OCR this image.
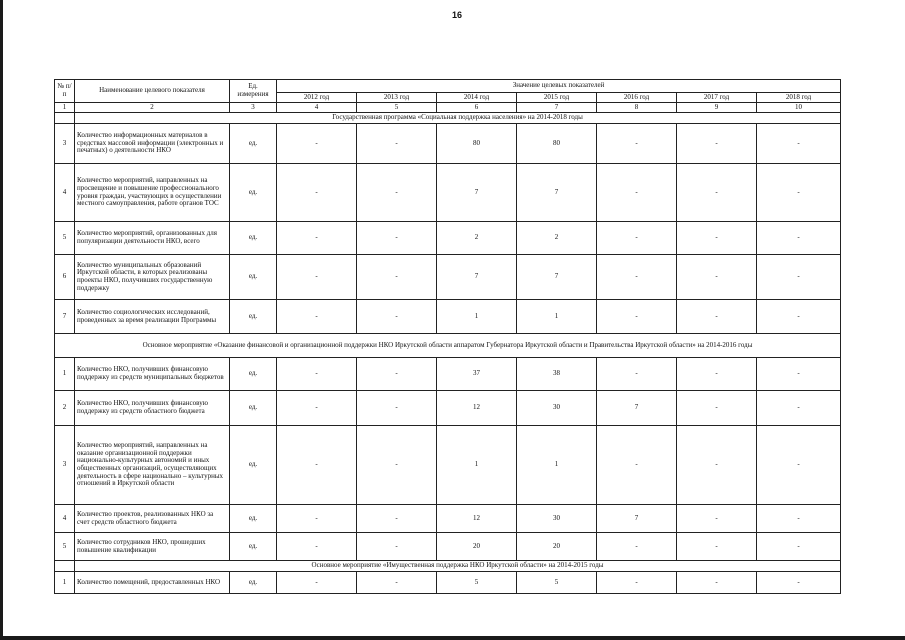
16
№ п/п	Наименование целевого показателя	Ед. измерения	Значение целевых показателей						
			2012 год	2013 год	2014 год	2015 год	2016 год	2017 год	2018 год
1	2	3	4	5	6	7	8	9	10
	Государственная программа «Социальная поддержка населения» на 2014-2018 годы								
3	Количество информационных материалов в средствах массовой информации (электронных и печатных) о деятельности НКО	ед.	-	-	80	80	-	-	-
4	Количество мероприятий, направленных на просвещение и повышение профессионального уровня граждан, участвующих в осуществлении местного самоуправления, работе органов ТОС	ед.	-	-	7	7	-	-	-
5	Количество мероприятий, организованных для популяризации деятельности НКО, всего	ед.	-	-	2	2	-	-	-
6	Количество муниципальных образований Иркутской области, в которых реализованы проекты НКО, получивших государственную поддержку	ед.	-	-	7	7	-	-	-
7	Количество социологических исследований, проведенных за время реализации Программы	ед.	-	-	1	1	-	-	-
Основное мероприятие «Оказание финансовой и организационной поддержки НКО Иркутской области аппаратом Губернатора Иркутской области и Правительства Иркутской области» на 2014-2016 годы									
1	Количество НКО, получивших финансовую поддержку из средств муниципальных бюджетов	ед.	-	-	37	38	-	-	-
2	Количество НКО, получивших финансовую поддержку из средств областного бюджета	ед.	-	-	12	30	7	-	-
3	Количество мероприятий, направленных на оказание организационной поддержки национально-культурных автономий и иных общественных организаций, осуществляющих деятельность в сфере национально – культурных отношений в Иркутской области	ед.	-	-	1	1	-	-	-
4	Количество проектов, реализованных НКО за счет средств областного бюджета	ед.	-	-	12	30	7	-	-
5	Количество сотрудников НКО, прошедших повышение квалификации	ед.	-	-	20	20	-	-	-
	Основное мероприятие «Имущественная поддержка НКО Иркутской области» на 2014-2015 годы								
1	Количество помещений, предоставленных НКО	ед.	-	-	5	5	-	-	-
